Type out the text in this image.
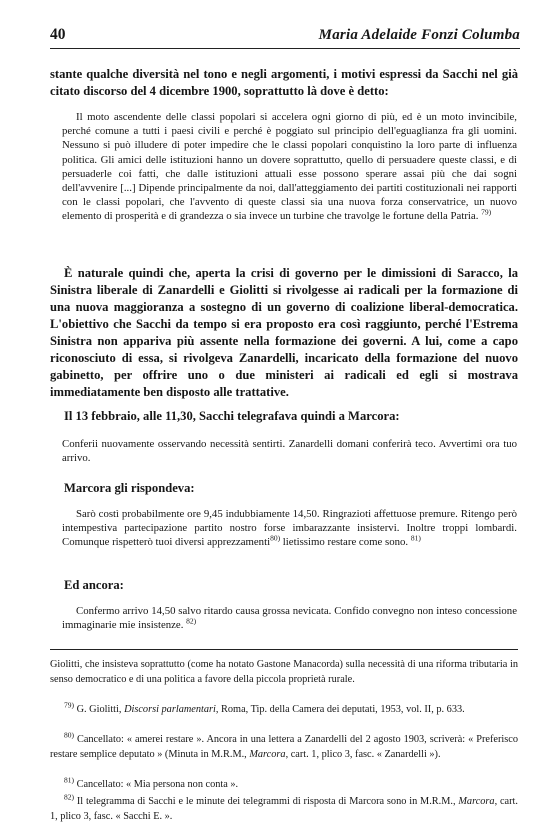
40	Maria Adelaide Fonzi Columba

stante qualche diversità nel tono e negli argomenti, i motivi espressi da Sacchi nel già citato discorso del 4 dicembre 1900, soprattutto là dove è detto:

Il moto ascendente delle classi popolari si accelera ogni giorno di più, ed è un moto invincibile, perché comune a tutti i paesi civili e perché è poggiato sul principio dell'eguaglianza fra gli uomini. Nessuno si può illudere di poter impedire che le classi popolari conquistino la loro parte di influenza politica. Gli amici delle istituzioni hanno un dovere soprattutto, quello di persuadere queste classi, e di persuaderle coi fatti, che dalle istituzioni attuali esse possono sperare assai più che dai sogni dell'avvenire [...] Dipende principalmente da noi, dall'atteggiamento dei partiti costituzionali nei rapporti con le classi popolari, che l'avvento di queste classi sia una nuova forza conservatrice, un nuovo elemento di prosperità e di grandezza o sia invece un turbine che travolge le fortune della Patria. $^{79)}$

È naturale quindi che, aperta la crisi di governo per le dimissioni di Saracco, la Sinistra liberale di Zanardelli e Giolitti si rivolgesse ai radicali per la formazione di una nuova maggioranza a sostegno di un governo di coalizione liberal-democratica. L'obiettivo che Sacchi da tempo si era proposto era così raggiunto, perché l'Estrema Sinistra non appariva più assente nella formazione dei governi. A lui, come a capo riconosciuto di essa, si rivolgeva Zanardelli, incaricato della formazione del nuovo gabinetto, per offrire uno o due ministeri ai radicali ed egli si mostrava immediatamente ben disposto alle trattative.

Il 13 febbraio, alle 11,30, Sacchi telegrafava quindi a Marcora:

Conferii nuovamente osservando necessità sentirti. Zanardelli domani conferirà teco. Avvertimi ora tuo arrivo.

Marcora gli rispondeva:

Sarò costì probabilmente ore 9,45 indubbiamente 14,50. Ringrazioti affettuose premure. Ritengo però intempestiva partecipazione partito nostro forse imbarazzante insistervi. Inoltre troppi lombardi. Comunque rispetterò tuoi diversi apprezzamenti$^{80)}$ lietissimo restare come sono. $^{81)}$

Ed ancora:

Confermo arrivo 14,50 salvo ritardo causa grossa nevicata. Confido convegno non inteso concessione immaginarie mie insistenze. $^{82)}$

Giolitti, che insisteva soprattutto (come ha notato Gastone Manacorda) sulla necessità di una riforma tributaria in senso democratico e di una politica a favore della piccola proprietà rurale.

$^{79)}$ G. Giolitti, Discorsi parlamentari, Roma, Tip. della Camera dei deputati, 1953, vol. II, p. 633.

$^{80)}$ Cancellato: « amerei restare ». Ancora in una lettera a Zanardelli del 2 agosto 1903, scriverà: « Preferisco restare semplice deputato » (Minuta in M.R.M., Marcora, cart. 1, plico 3, fasc. « Zanardelli »).

$^{81)}$ Cancellato: « Mia persona non conta ».

$^{82)}$ Il telegramma di Sacchi e le minute dei telegrammi di risposta di Marcora sono in M.R.M., Marcora, cart. 1, plico 3, fasc. « Sacchi E. ».
